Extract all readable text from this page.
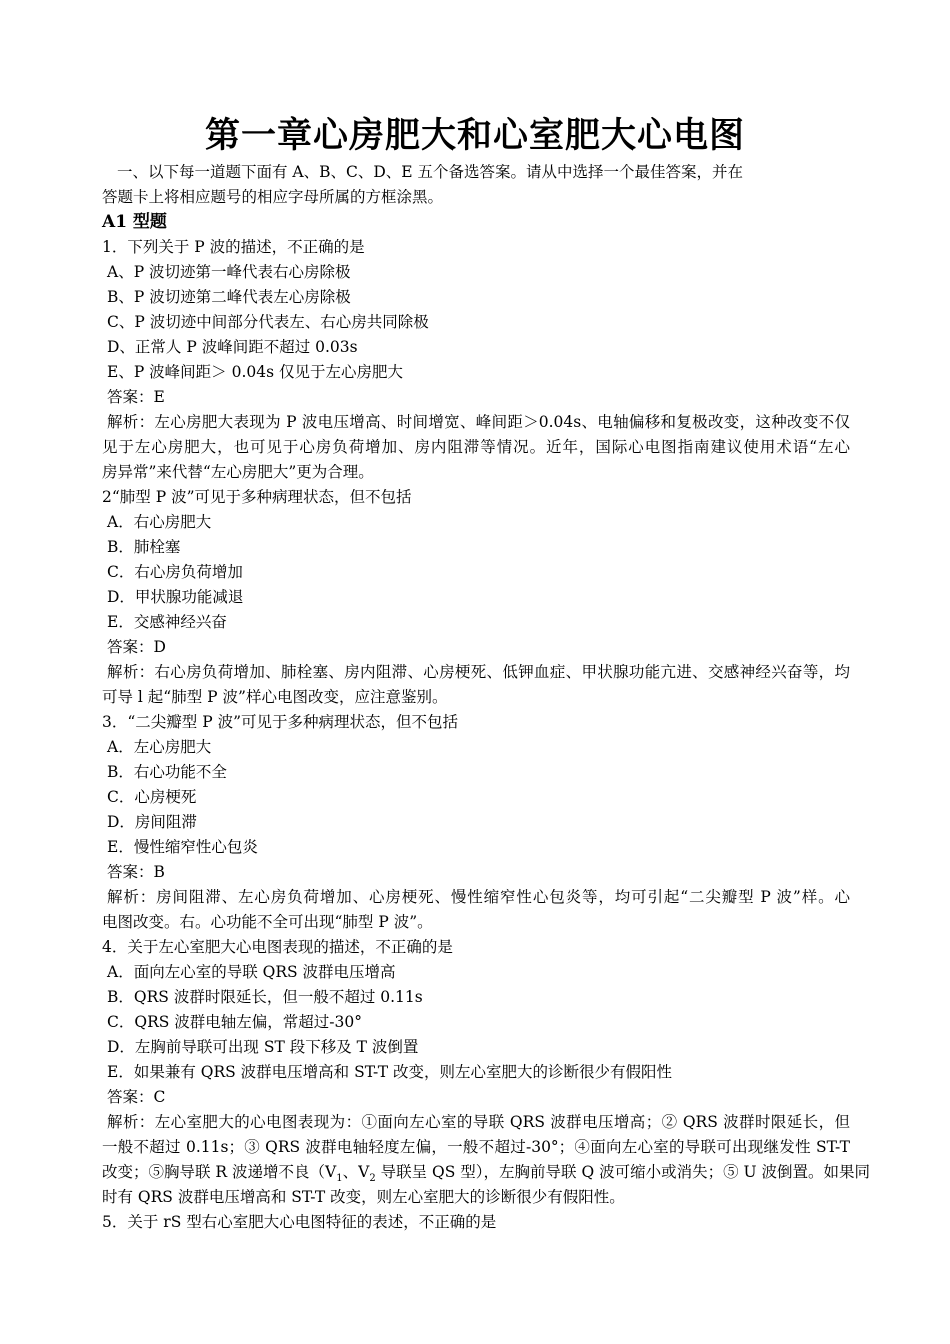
第一章心房肥大和心室肥大心电图
一、以下每一道题下面有 A、B、C、D、E 五个备选答案。请从中选择一个最佳答案，并在
答题卡上将相应题号的相应字母所属的方框涂黑。
A1 型题
1．下列关于 P 波的描述，不正确的是
A、P 波切迹第一峰代表右心房除极
B、P 波切迹第二峰代表左心房除极
C、P 波切迹中间部分代表左、右心房共同除极
D、正常人 P 波峰间距不超过 0.03s
E、P 波峰间距＞ 0.04s 仅见于左心房肥大
答案：E
解析：左心房肥大表现为 P 波电压增高、时间增宽、峰间距＞0.04s、电轴偏移和复极改变，这种改变不仅
见于左心房肥大，也可见于心房负荷增加、房内阻滞等情况。近年，国际心电图指南建议使用术语“左心
房异常”来代替“左心房肥大”更为合理。
2“肺型 P 波”可见于多种病理状态，但不包括
A．右心房肥大
B．肺栓塞
C．右心房负荷增加
D．甲状腺功能减退
E．交感神经兴奋
答案：D
解析：右心房负荷增加、肺栓塞、房内阻滞、心房梗死、低钾血症、甲状腺功能亢进、交感神经兴奋等，均
可导 l 起“肺型 P 波”样心电图改变，应注意鉴别。
3．“二尖瓣型 P 波”可见于多种病理状态，但不包括
A．左心房肥大
B．右心功能不全
C．心房梗死
D．房间阻滞
E．慢性缩窄性心包炎
答案：B
解析：房间阻滞、左心房负荷增加、心房梗死、慢性缩窄性心包炎等，均可引起“二尖瓣型 P 波”样。心
电图改变。右。心功能不全可出现“肺型 P 波”。
4．关于左心室肥大心电图表现的描述，不正确的是
A．面向左心室的导联 QRS 波群电压增高
B．QRS 波群时限延长，但一般不超过 0.11s
C．QRS 波群电轴左偏，常超过-30°
D．左胸前导联可出现 ST 段下移及 T 波倒置
E．如果兼有 QRS 波群电压增高和 ST-T 改变，则左心室肥大的诊断很少有假阳性
答案：C
解析：左心室肥大的心电图表现为：①面向左心室的导联 QRS 波群电压增高；② QRS 波群时限延长，但
一般不超过 0.11s；③ QRS 波群电轴轻度左偏，一般不超过-30°；④面向左心室的导联可出现继发性 ST-T
改变；⑤胸导联 R 波递增不良（$V_1$、$V_2$ 导联呈 QS 型），左胸前导联 Q 波可缩小或消失；⑤ U 波倒置。如果同
时有 QRS 波群电压增高和 ST-T 改变，则左心室肥大的诊断很少有假阳性。
5．关于 rS 型右心室肥大心电图特征的表述，不正确的是
